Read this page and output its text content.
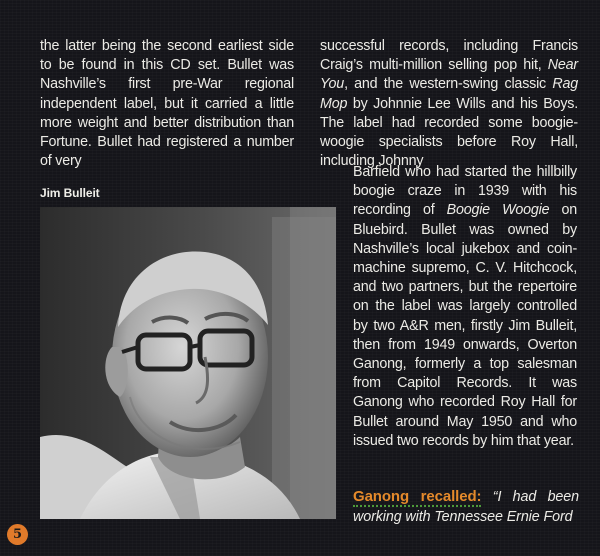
the latter being the second earliest side to be found in this CD set. Bullet was Nashville’s first pre-War regional independent label, but it carried a little more weight and better distribution than Fortune. Bullet had registered a number of very

successful records, including Francis Craig’s multi-million selling pop hit, Near You, and the western-swing classic Rag Mop by Johnnie Lee Wills and his Boys. The label had recorded some boogie-woogie specialists before Roy Hall, including Johnny

Barfield who had started the hillbilly boogie craze in 1939 with his recording of Boogie Woogie on Bluebird. Bullet was owned by Nashville’s local jukebox and coin-machine supremo, C. V. Hitchcock, and two partners, but the repertoire on the label was largely controlled by two A&R men, firstly Jim Bulleit, then from 1949 onwards, Overton Ganong, formerly a top salesman from Capitol Records. It was Ganong who recorded Roy Hall for Bullet around May 1950 and who issued two records by him that year.

Jim Bulleit

Ganong recalled: “I had been working with Tennessee Ernie Ford

5
